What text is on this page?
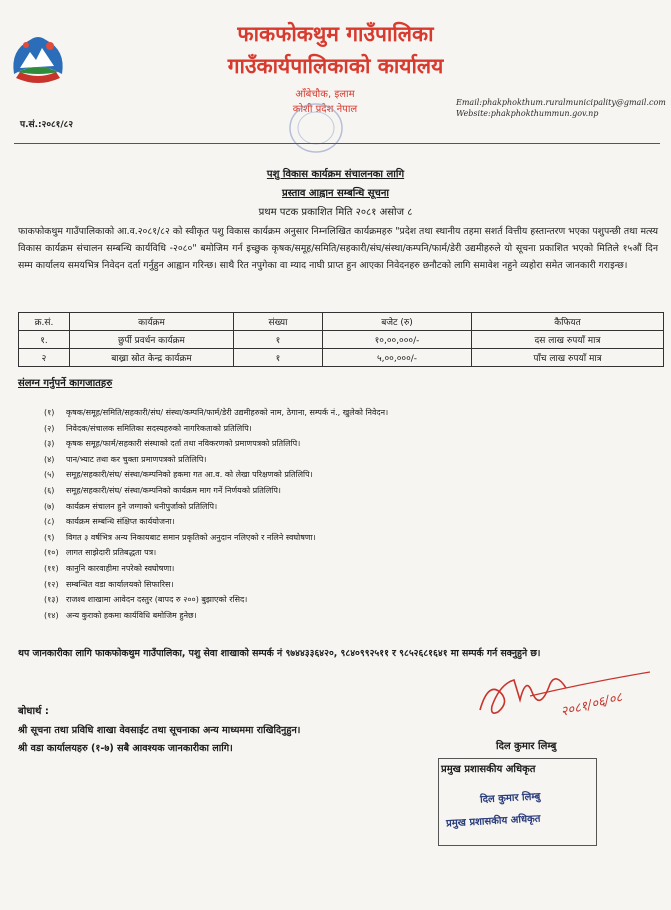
प.सं.:२०८१/८२
फाकफोकथुम गाउँपालिका
गाउँकार्यपालिकाको कार्यालय
आँबेचौक, इलाम
कोशी प्रदेश नेपाल
Email:phakphokthum.ruralmunicipality@gmail.com
Website:phakphokthummun.gov.np
पशु विकास कार्यक्रम संचालनका लागि
प्रस्ताव आह्वान सम्बन्धि सूचना
प्रथम पटक प्रकाशित मिति २०८१ असोज ८
फाकफोकथुम गाउँपालिकाको आ.व.२०८१/८२ को स्वीकृत पशु विकास कार्यक्रम अनुसार निम्नलिखित कार्यक्रमहरु "प्रदेश तथा स्थानीय तहमा सशर्त वित्तीय हस्तान्तरण भएका पशुपन्छी तथा मत्स्य विकास कार्यक्रम संचालन सम्बन्धि कार्यविधि -२०८०" बमोजिम गर्न इच्छुक कृषक/समूह/समिति/सहकारी/संघ/संस्था/कम्पनि/फार्म/डेरी उद्यमीहरुले यो सूचना प्रकाशित भएको मितिले १५औं दिन सम्म कार्यालय समयभित्र निवेदन दर्ता गर्नुहुन आह्वान गरिन्छ। साथै रित नपुगेका वा म्याद नाघी प्राप्त हुन आएका निवेदनहरु छनौटको लागि समावेश नहुने व्यहोरा समेत जानकारी गराइन्छ।
क्र.सं.	कार्यक्रम	संख्या	बजेट (रु)	कैफियत
१.	छुर्पी प्रवर्धन कार्यक्रम	१	१०,००,०००/-	दस लाख रुपयाँ मात्र
२	बाख्रा स्रोत केन्द्र कार्यक्रम	१	५,००,०००/-	पाँच लाख रुपयाँ मात्र
संलग्न गर्नुपर्ने कागजातहरु
(१) कृषक/समूह/समिति/सहकारी/संघ/ संस्था/कम्पनि/फार्म/डेरी उद्यमीहरुको नाम, ठेगाना, सम्पर्क नं., खुलेको निवेदन।
(२) निवेदक/संचालक समितिका सदस्यहरुको नागरिकताको प्रतिलिपि।
(३) कृषक समूह/फार्म/सहकारी संस्थाको दर्ता तथा नविकरणको प्रमाणपत्रको प्रतिलिपि।
(४) पान/भ्याट तथा कर चुक्ता प्रमाणपत्रको प्रतिलिपि।
(५) समूह/सहकारी/संघ/ संस्था/कम्पनिको हकमा गत आ.व. को लेखा परिक्षणको प्रतिलिपि।
(६) समूह/सहकारी/संघ/ संस्था/कम्पनिको कार्यक्रम माग गर्ने निर्णयको प्रतिलिपि।
(७) कार्यक्रम संचालन हुने जग्गाको धनीपुर्जाको प्रतिलिपि।
(८) कार्यक्रम सम्बन्धि संक्षिप्त कार्ययोजना।
(९) विगत ३ वर्षभित्र अन्य निकायबाट समान प्रकृतिको अनुदान नलिएको र नलिने स्वघोषणा।
(१०) लागत साझेदारी प्रतिबद्धता पत्र।
(११) कानुनि कारवाहीमा नपरेको स्वघोषणा।
(१२) सम्बन्धित वडा कार्यालयको सिफारिस।
(१३) राजश्व शाखामा आवेदन दस्तुर (बापद रु २००) बुझाएको रसिद।
(१४) अन्य कुराको हकमा कार्यविधि बमोजिम हुनेछ।
थप जानकारीका लागि फाकफोकथुम गाउँपालिका, पशु सेवा शाखाको सम्पर्क नं ९७४४३३६४२०, ९८४०९९२५११ र ९८५२६८१६४१ मा सम्पर्क गर्न सक्नुहुने छ।
बोधार्थ :
श्री सूचना तथा प्रविधि शाखा वेवसाईट तथा सूचनाका अन्य माध्यममा राखिदिनुहुन।
श्री वडा कार्यालयहरु (१-७) सबै आवश्यक जानकारीका लागि।
२०८१/०६/०८
दिल कुमार लिम्बु
प्रमुख प्रशासकीय अधिकृत
दिल कुमार लिम्बु
प्रमुख प्रशासकीय अधिकृत
